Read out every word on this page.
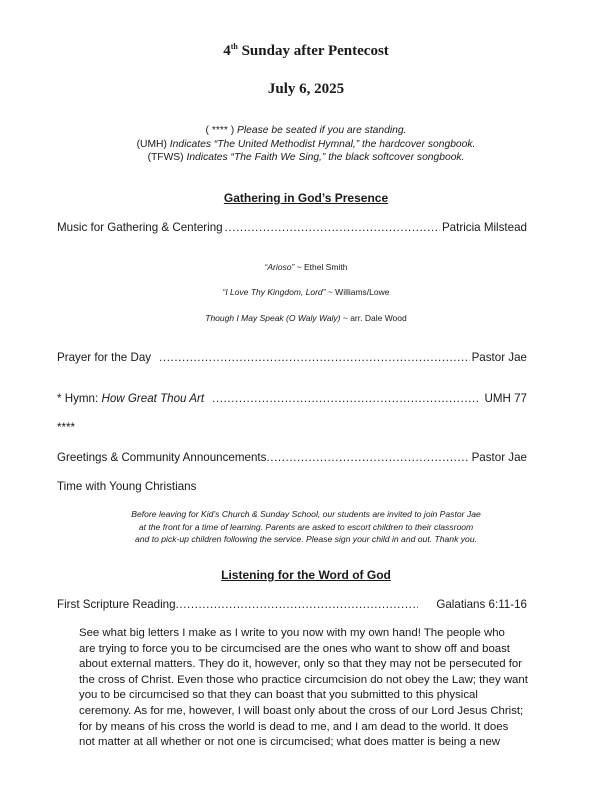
4th Sunday after Pentecost
July 6, 2025
( **** ) Please be seated if you are standing.
(UMH) Indicates “The United Methodist Hymnal,” the hardcover songbook.
(TFWS) Indicates “The Faith We Sing,” the black softcover songbook.
Gathering in God’s Presence
Music for Gathering & Centering .....	Patricia Milstead
“Arioso” ~ Ethel Smith
“I Love Thy Kingdom, Lord” ~ Williams/Lowe
Though I May Speak (O Waly Waly) ~ arr. Dale Wood
Prayer for the Day .....	Pastor Jae
* Hymn: How Great Thou Art .....	UMH 77
****
Greetings & Community Announcements .....	Pastor Jae
Time with Young Christians
Before leaving for Kid’s Church & Sunday School, our students are invited to join Pastor Jae
at the front for a time of learning. Parents are asked to escort children to their classroom
and to pick-up children following the service. Please sign your child in and out. Thank you.
Listening for the Word of God
First Scripture Reading .....	Galatians 6:11-16
See what big letters I make as I write to you now with my own hand! The people who
are trying to force you to be circumcised are the ones who want to show off and boast
about external matters. They do it, however, only so that they may not be persecuted for
the cross of Christ. Even those who practice circumcision do not obey the Law; they want
you to be circumcised so that they can boast that you submitted to this physical
ceremony. As for me, however, I will boast only about the cross of our Lord Jesus Christ;
for by means of his cross the world is dead to me, and I am dead to the world. It does
not matter at all whether or not one is circumcised; what does matter is being a new
